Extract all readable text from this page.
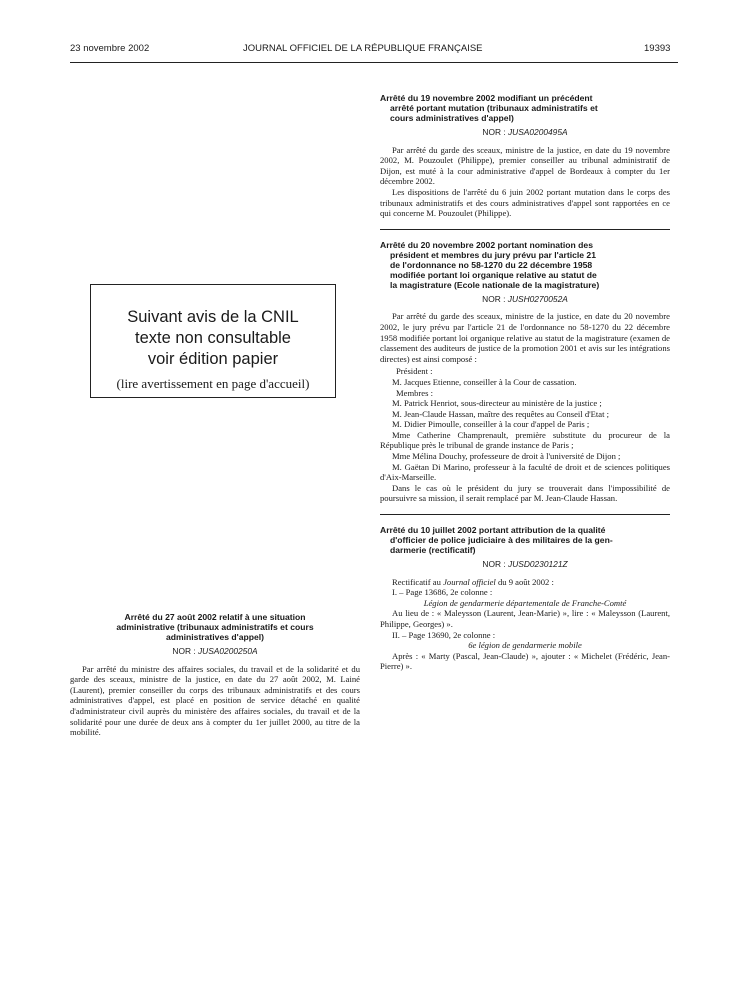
23 novembre 2002	JOURNAL OFFICIEL DE LA RÉPUBLIQUE FRANÇAISE	19393
Suivant avis de la CNIL
texte non consultable
voir édition papier
(lire avertissement en page d'accueil)
Arrêté du 27 août 2002 relatif à une situation
administrative (tribunaux administratifs et cours
administratives d'appel)
NOR : JUSA0200250A

Par arrêté du ministre des affaires sociales, du travail et de la solidarité et du garde des sceaux, ministre de la justice, en date du 27 août 2002, M. Lainé (Laurent), premier conseiller du corps des tribunaux administratifs et des cours administratives d'appel, est placé en position de service détaché en qualité d'administrateur civil auprès du ministère des affaires sociales, du travail et de la solidarité pour une durée de deux ans à compter du 1er juillet 2000, au titre de la mobilité.

Arrêté du 19 novembre 2002 modifiant un précédent
arrêté portant mutation (tribunaux administratifs et
cours administratives d'appel)
NOR : JUSA0200495A

Par arrêté du garde des sceaux, ministre de la justice, en date du 19 novembre 2002, M. Pouzoulet (Philippe), premier conseiller au tribunal administratif de Dijon, est muté à la cour administrative d'appel de Bordeaux à compter du 1er décembre 2002.

Les dispositions de l'arrêté du 6 juin 2002 portant mutation dans le corps des tribunaux administratifs et des cours administratives d'appel sont rapportées en ce qui concerne M. Pouzoulet (Philippe).

Arrêté du 20 novembre 2002 portant nomination des
président et membres du jury prévu par l'article 21
de l'ordonnance no 58-1270 du 22 décembre 1958
modifiée portant loi organique relative au statut de
la magistrature (Ecole nationale de la magistrature)
NOR : JUSH0270052A

Par arrêté du garde des sceaux, ministre de la justice, en date du 20 novembre 2002, le jury prévu par l'article 21 de l'ordonnance no 58-1270 du 22 décembre 1958 modifiée portant loi organique relative au statut de la magistrature (examen de classement des auditeurs de justice de la promotion 2001 et avis sur les intégrations directes) est ainsi composé :

Président :

M. Jacques Etienne, conseiller à la Cour de cassation.

Membres :

M. Patrick Henriot, sous-directeur au ministère de la justice ;

M. Jean-Claude Hassan, maître des requêtes au Conseil d'Etat ;

M. Didier Pimoulle, conseiller à la cour d'appel de Paris ;

Mme Catherine Champrenault, première substitute du procureur de la République près le tribunal de grande instance de Paris ;

Mme Mélina Douchy, professeure de droit à l'université de Dijon ;

M. Gaëtan Di Marino, professeur à la faculté de droit et de sciences politiques d'Aix-Marseille.

Dans le cas où le président du jury se trouverait dans l'impossibilité de poursuivre sa mission, il serait remplacé par M. Jean-Claude Hassan.

Arrêté du 10 juillet 2002 portant attribution de la qualité
d'officier de police judiciaire à des militaires de la gen-
darmerie (rectificatif)
NOR : JUSD0230121Z

Rectificatif au Journal officiel du 9 août 2002 :

I. – Page 13686, 2e colonne :

Légion de gendarmerie départementale de Franche-Comté

Au lieu de : « Maleysson (Laurent, Jean-Marie) », lire : « Maleysson (Laurent, Philippe, Georges) ».

II. – Page 13690, 2e colonne :

6e légion de gendarmerie mobile

Après : « Marty (Pascal, Jean-Claude) », ajouter : « Michelet (Frédéric, Jean-Pierre) ».
